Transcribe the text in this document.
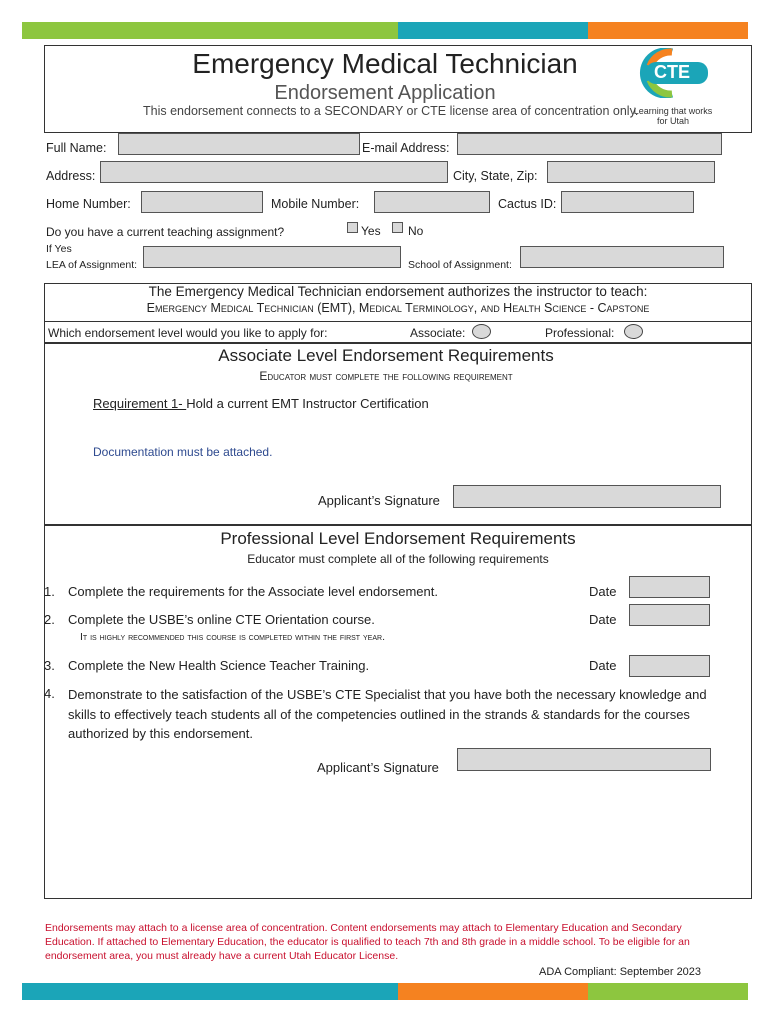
Emergency Medical Technician
Endorsement Application
This endorsement connects to a SECONDARY or CTE license area of concentration only.
CTE
Learning that works for Utah
Full Name:	E-mail Address:
Address:	City, State, Zip:
Home Number:	Mobile Number:	Cactus ID:
Do you have a current teaching assignment?	Yes No
If Yes
LEA of Assignment:	School of Assignment:
The Emergency Medical Technician endorsement authorizes the instructor to teach:
Emergency Medical Technician (EMT), Medical Terminology, and Health Science - Capstone
Which endorsement level would you like to apply for:	Associate:	Professional:
Associate Level Endorsement Requirements
Educator must complete the following requirement
Requirement 1- Hold a current EMT Instructor Certification
Documentation must be attached.
Applicant’s Signature
Professional Level Endorsement Requirements
Educator must complete all of the following requirements
1. Complete the requirements for the Associate level endorsement.	Date
2. Complete the USBE’s online CTE Orientation course.	Date
It is highly recommended this course is completed within the first year.
3. Complete the New Health Science Teacher Training.	Date
4. Demonstrate to the satisfaction of the USBE’s CTE Specialist that you have both the necessary knowledge and skills to effectively teach students all of the competencies outlined in the strands & standards for the courses authorized by this endorsement.
Applicant’s Signature
Endorsements may attach to a license area of concentration. Content endorsements may attach to Elementary Education and Secondary Education. If attached to Elementary Education, the educator is qualified to teach 7th and 8th grade in a middle school. To be eligible for an endorsement area, you must already have a current Utah Educator License.
ADA Compliant: September 2023
